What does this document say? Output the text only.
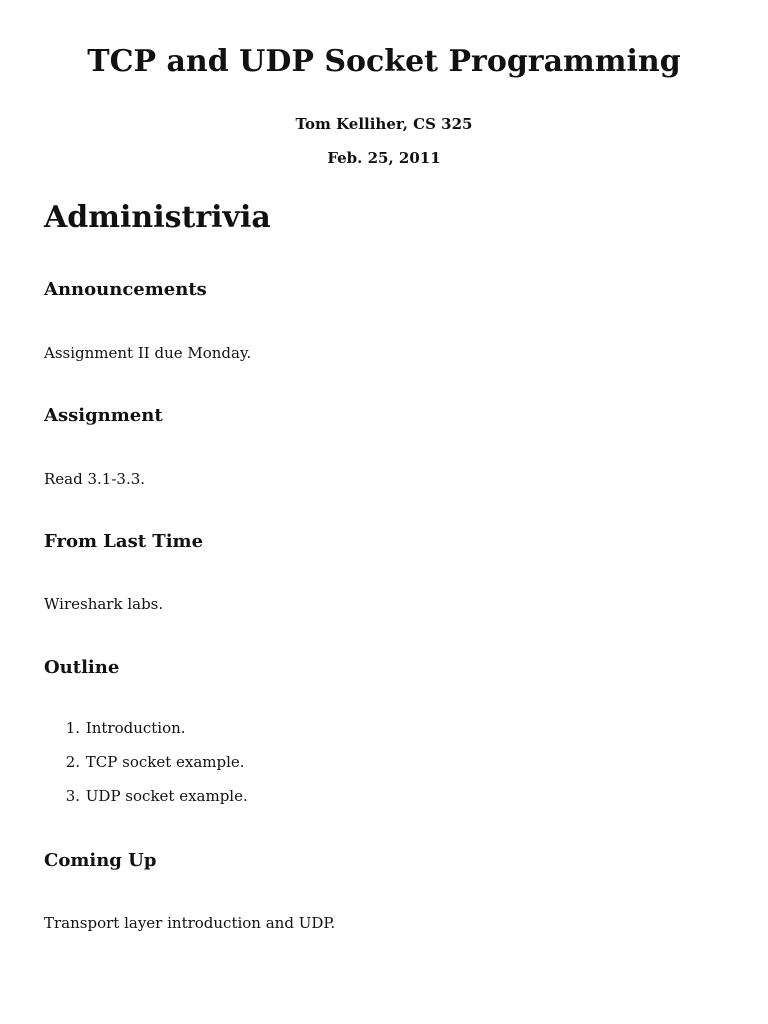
TCP and UDP Socket Programming

Tom Kelliher, CS 325

Feb. 25, 2011

Administrivia
Announcements

Assignment II due Monday.

Assignment

Read 3.1-3.3.

From Last Time

Wireshark labs.

Outline
1. Introduction.
2. TCP socket example.
3. UDP socket example.
Coming Up

Transport layer introduction and UDP.
